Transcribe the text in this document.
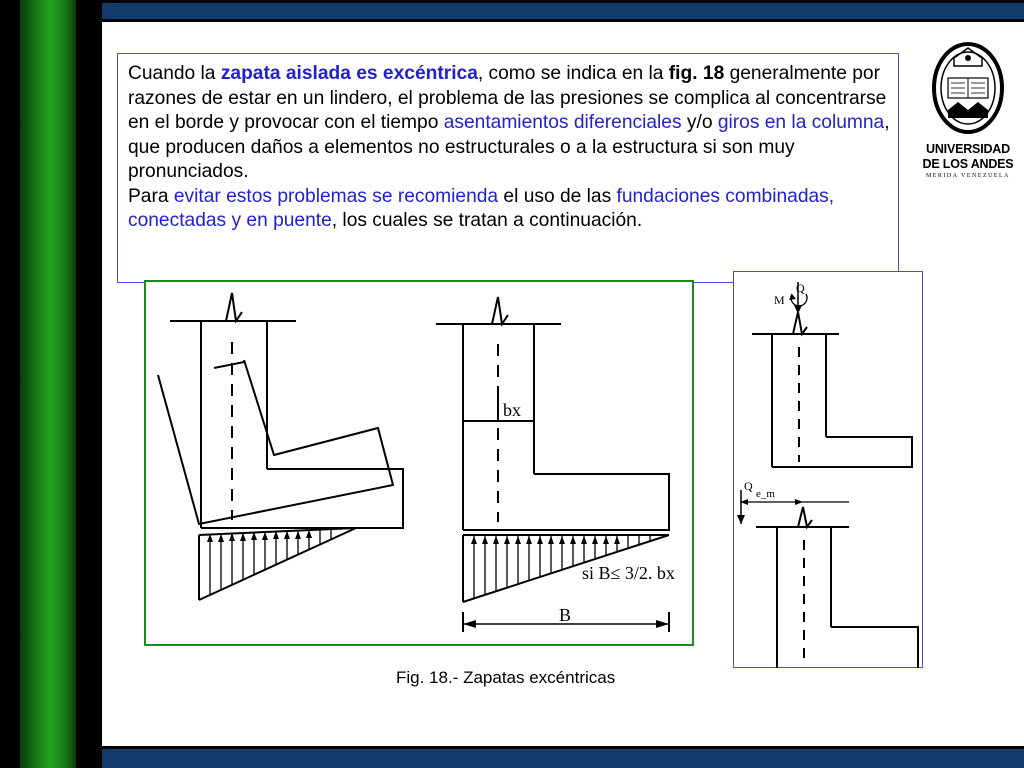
Cuando la zapata aislada es excéntrica, como se indica en la fig. 18 generalmente por razones de estar en un lindero, el problema de las presiones se complica al concentrarse en el borde y provocar con el tiempo asentamientos diferenciales y/o giros en la columna, que producen daños a elementos no estructurales o a la estructura si son muy pronunciados.

Para evitar estos problemas se recomienda el uso de las fundaciones combinadas, conectadas y en puente, los cuales se tratan a continuación.

UNIVERSIDAD
DE LOS ANDES
MERIDA VENEZUELA
bx
si B≤ 3/2. bx
B
M
Q
Q
e_m
Fig. 18.- Zapatas excéntricas
